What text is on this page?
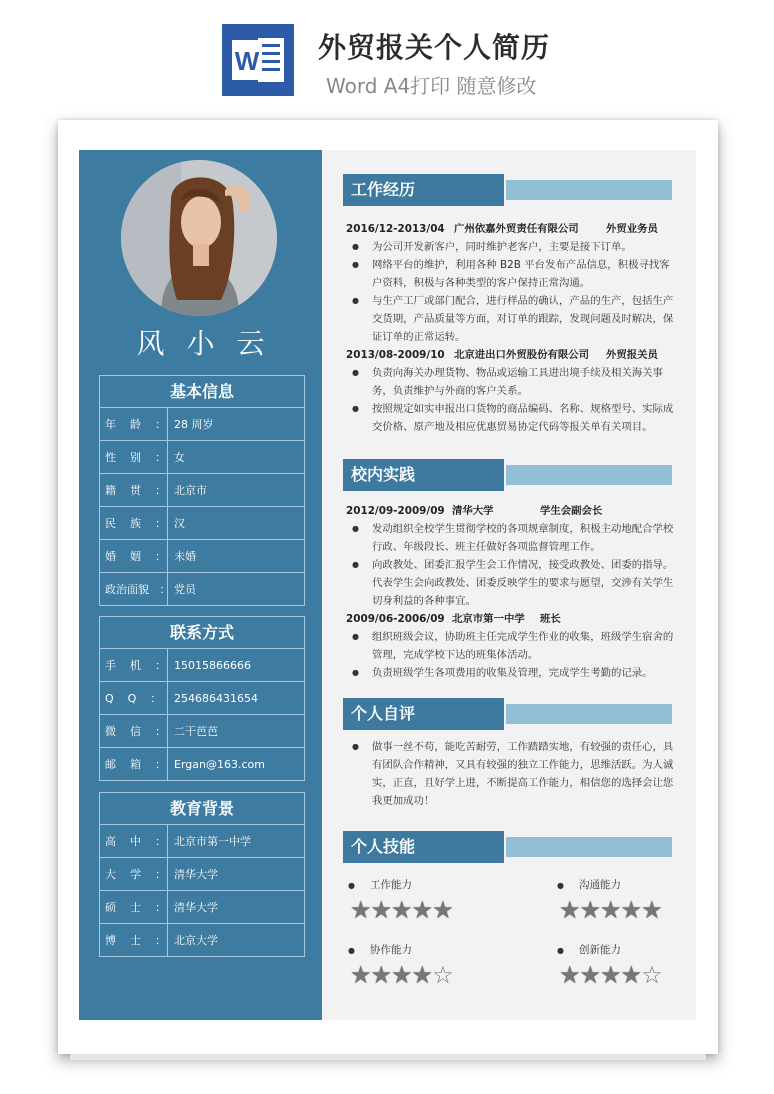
W 外贸报关个人简历
Word A4打印 随意修改
风小云
基本信息
年    龄    ： 28 周岁
性    别    ： 女
籍    贯    ： 北京市
民    族    ： 汉
婚    姻    ： 未婚
政治面貌   ： 党员
联系方式
手    机    ： 15015866666
Q    Q    ：	254686431654
微    信    ： 二干芭芭
邮    箱    ： Ergan@163.com
教育背景
高    中    ： 北京市第一中学
大    学    ： 清华大学
硕    士    ： 清华大学
博    士    ： 北京大学
工作经历
2016/12-2013/04 广州依嘉外贸责任有限公司	外贸业务员
● 为公司开发新客户，同时维护老客户，主要是接下订单。
● 网络平台的维护，利用各种 B2B 平台发布产品信息，积极寻找客户资料，积极与各种类型的客户保持正常沟通。
● 与生产工厂或部门配合，进行样品的确认，产品的生产，包括生产交货期，产品质量等方面，对订单的跟踪，发现问题及时解决，保证订单的正常运转。
2013/08-2009/10 北京进出口外贸股份有限公司	外贸报关员
● 负责向海关办理货物、物品或运输工具进出境手续及相关海关事务，负责维护与外商的客户关系。
● 按照规定如实申报出口货物的商品编码、名称、规格型号、实际成交价格、原产地及相应优惠贸易协定代码等报关单有关项目。
校内实践
2012/09-2009/09 清华大学	学生会副会长
● 发动组织全校学生贯彻学校的各项规章制度，积极主动地配合学校行政、年级段长、班主任做好各项监督管理工作。
● 向政教处、团委汇报学生会工作情况，接受政教处、团委的指导。代表学生会向政教处、团委反映学生的要求与愿望，交涉有关学生切身利益的各种事宜。
2009/06-2006/09 北京市第一中学	班长
● 组织班级会议，协助班主任完成学生作业的收集，班级学生宿舍的管理，完成学校下达的班集体活动。
● 负责班级学生各项费用的收集及管理，完成学生考勤的记录。
个人自评
● 做事一丝不苟，能吃苦耐劳，工作踏踏实地，有较强的责任心，具有团队合作精神，又具有较强的独立工作能力，思维活跃。为人诚实，正直，且好学上进，不断提高工作能力，相信您的选择会让您我更加成功！
个人技能
● 工作能力
★★★★★
● 沟通能力
★★★★★
● 协作能力
★★★★☆
● 创新能力
★★★★☆
